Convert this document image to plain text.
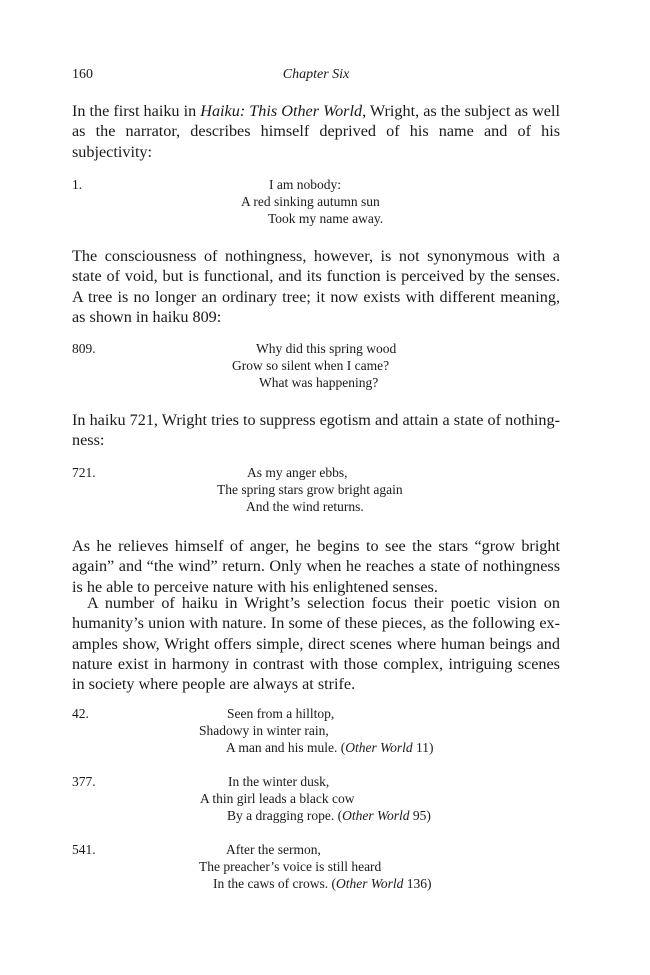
160	Chapter Six

In the first haiku in Haiku: This Other World, Wright, as the subject as well as the narrator, describes himself deprived of his name and of his subjectivity:

1.	I am nobody:

A red sinking autumn sun

Took my name away.

The consciousness of nothingness, however, is not synonymous with a state of void, but is functional, and its function is perceived by the senses. A tree is no longer an ordinary tree; it now exists with different meaning, as shown in haiku 809:

809.	Why did this spring wood

Grow so silent when I came?

What was happening?

In haiku 721, Wright tries to suppress egotism and attain a state of nothing-ness:

721.	As my anger ebbs,

The spring stars grow bright again

And the wind returns.

As he relieves himself of anger, he begins to see the stars “grow bright again” and “the wind” return. Only when he reaches a state of nothingness is he able to perceive nature with his enlightened senses.

A number of haiku in Wright’s selection focus their poetic vision on humanity’s union with nature. In some of these pieces, as the following ex-amples show, Wright offers simple, direct scenes where human beings and nature exist in harmony in contrast with those complex, intriguing scenes in society where people are always at strife.

42.	Seen from a hilltop,

Shadowy in winter rain,

A man and his mule. (Other World 11)

377.	In the winter dusk,

A thin girl leads a black cow

By a dragging rope. (Other World 95)

541.	After the sermon,

The preacher’s voice is still heard

In the caws of crows. (Other World 136)
